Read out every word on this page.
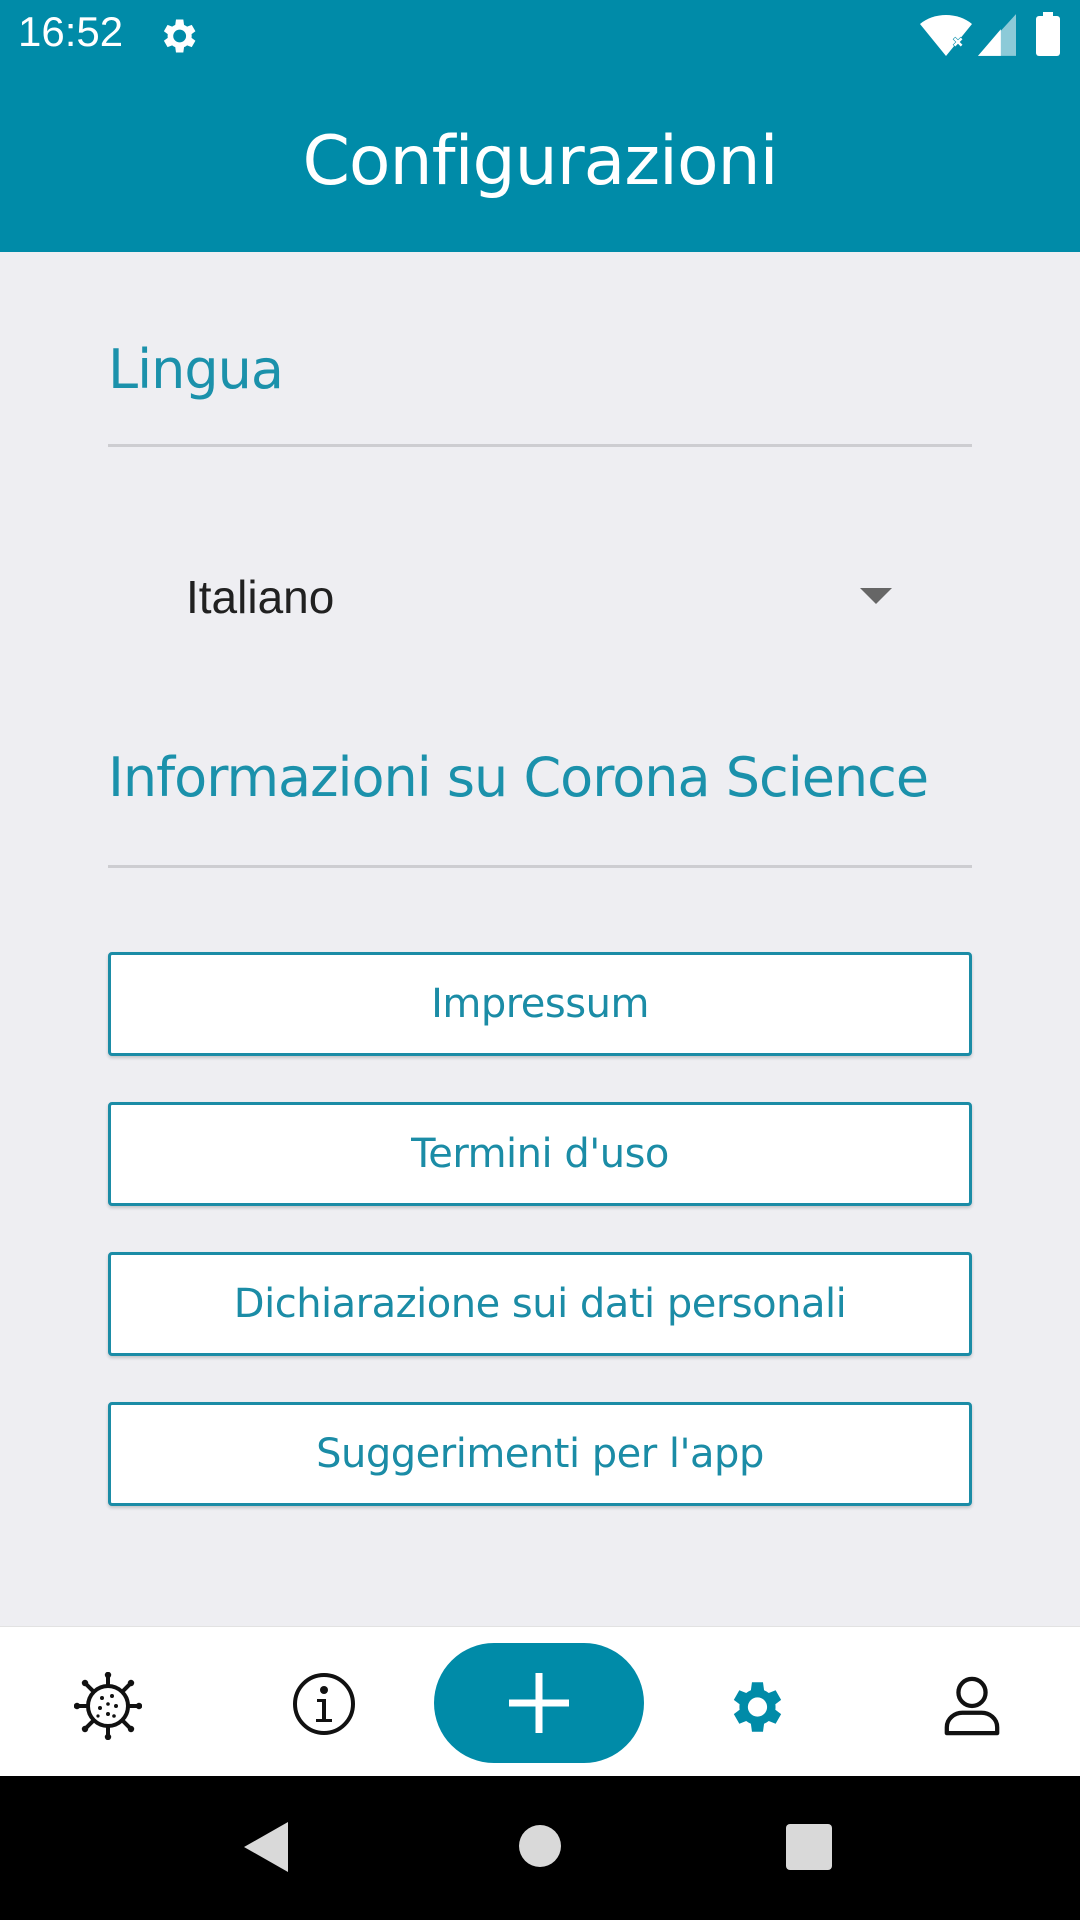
16:52
Configurazioni
Lingua
Italiano
Informazioni su Corona Science
Impressum
Termini d'uso
Dichiarazione sui dati personali
Suggerimenti per l'app
